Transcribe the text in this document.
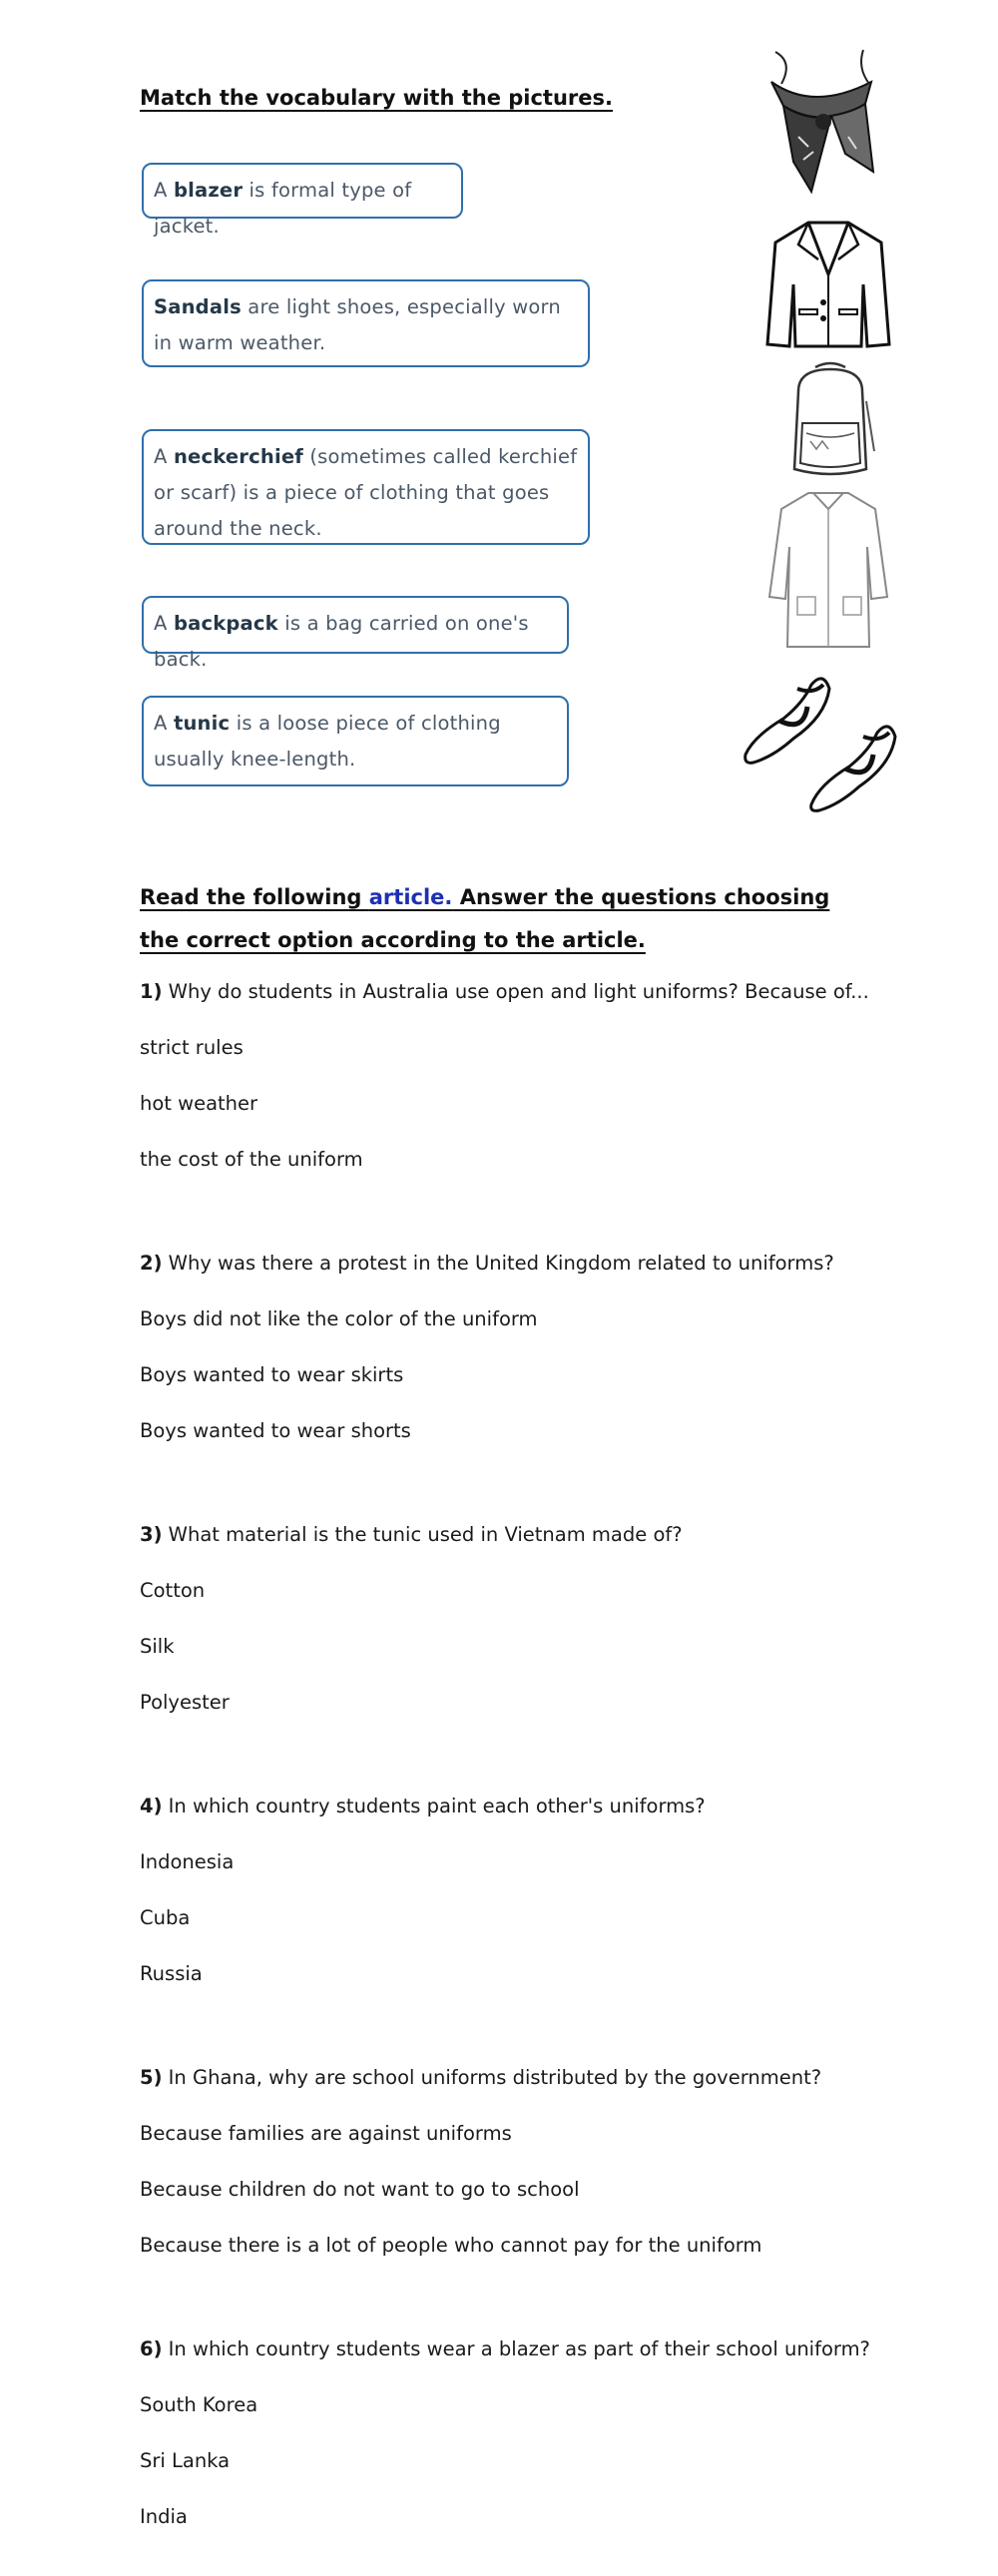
Match the vocabulary with the pictures.
A blazer is formal type of jacket.
Sandals are light shoes, especially worn in warm weather.
A neckerchief (sometimes called kerchief or scarf) is a piece of clothing that goes around the neck.
A backpack is a bag carried on one's back.
A tunic is a loose piece of clothing usually knee-length.
Read the following article. Answer the questions choosing the correct option according to the article.
1) Why do students in Australia use open and light uniforms? Because of...
strict rules
hot weather
the cost of the uniform
2) Why was there a protest in the United Kingdom related to uniforms?
Boys did not like the color of the uniform
Boys wanted to wear skirts
Boys wanted to wear shorts
3) What material is the tunic used in Vietnam made of?
Cotton
Silk
Polyester
4) In which country students paint each other's uniforms?
Indonesia
Cuba
Russia
5) In Ghana, why are school uniforms distributed by the government?
Because families are against uniforms
Because children do not want to go to school
Because there is a lot of people who cannot pay for the uniform
6) In which country students wear a blazer as part of their school uniform?
South Korea
Sri Lanka
India
